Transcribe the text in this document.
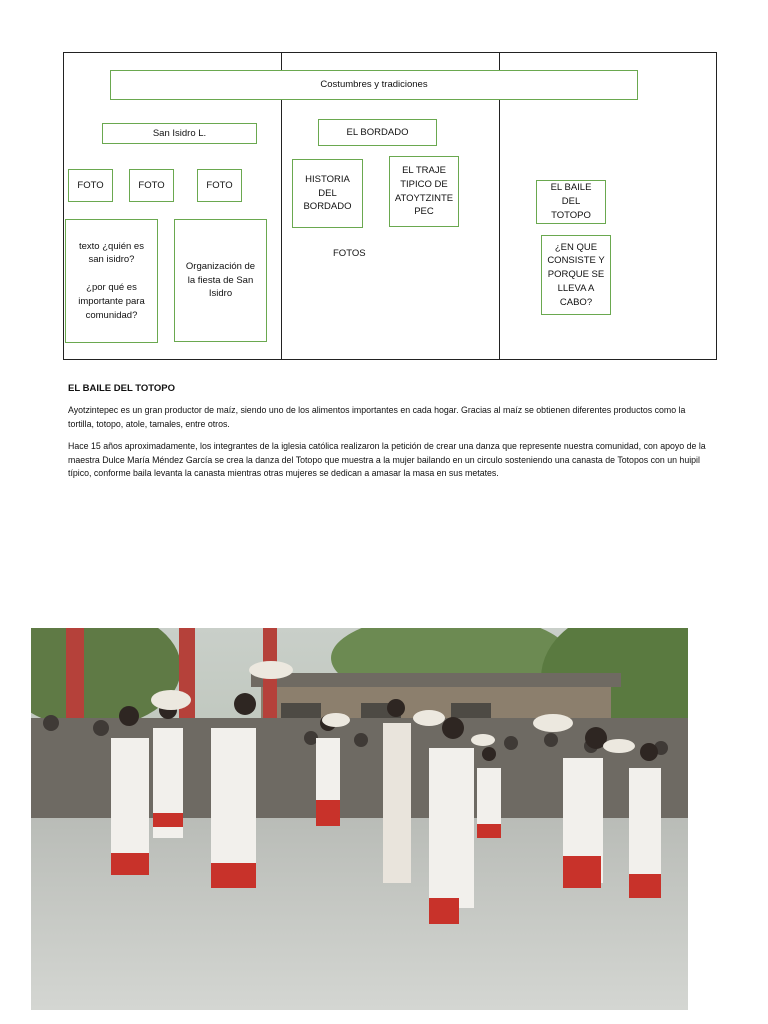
Costumbres y tradiciones
San Isidro L.
FOTO	FOTO	FOTO
texto ¿quién es
san isidro?

¿por qué es
importante para
comunidad?
Organización de
la fiesta de San
Isidro
EL BORDADO
HISTORIA
DEL
BORDADO
EL TRAJE
TIPICO DE
ATOYTZINTE
PEC
FOTOS
EL BAILE DEL
TOTOPO
¿EN QUE
CONSISTE Y
PORQUE SE
LLEVA A
CABO?
EL BAILE DEL TOTOPO
Ayotzintepec es un gran productor de maíz, siendo uno de los alimentos importantes en cada hogar. Gracias al maíz se obtienen diferentes productos como la tortilla, totopo, atole, tamales, entre otros.
Hace 15 años aproximadamente, los integrantes de la iglesia católica realizaron la petición de crear una danza que represente nuestra comunidad, con apoyo de la maestra Dulce María Méndez García se crea la danza del Totopo que muestra a la mujer bailando en un circulo sosteniendo una canasta de Totopos con un huipil típico, conforme baila levanta la canasta mientras otras mujeres se dedican a amasar la masa en sus metates.
